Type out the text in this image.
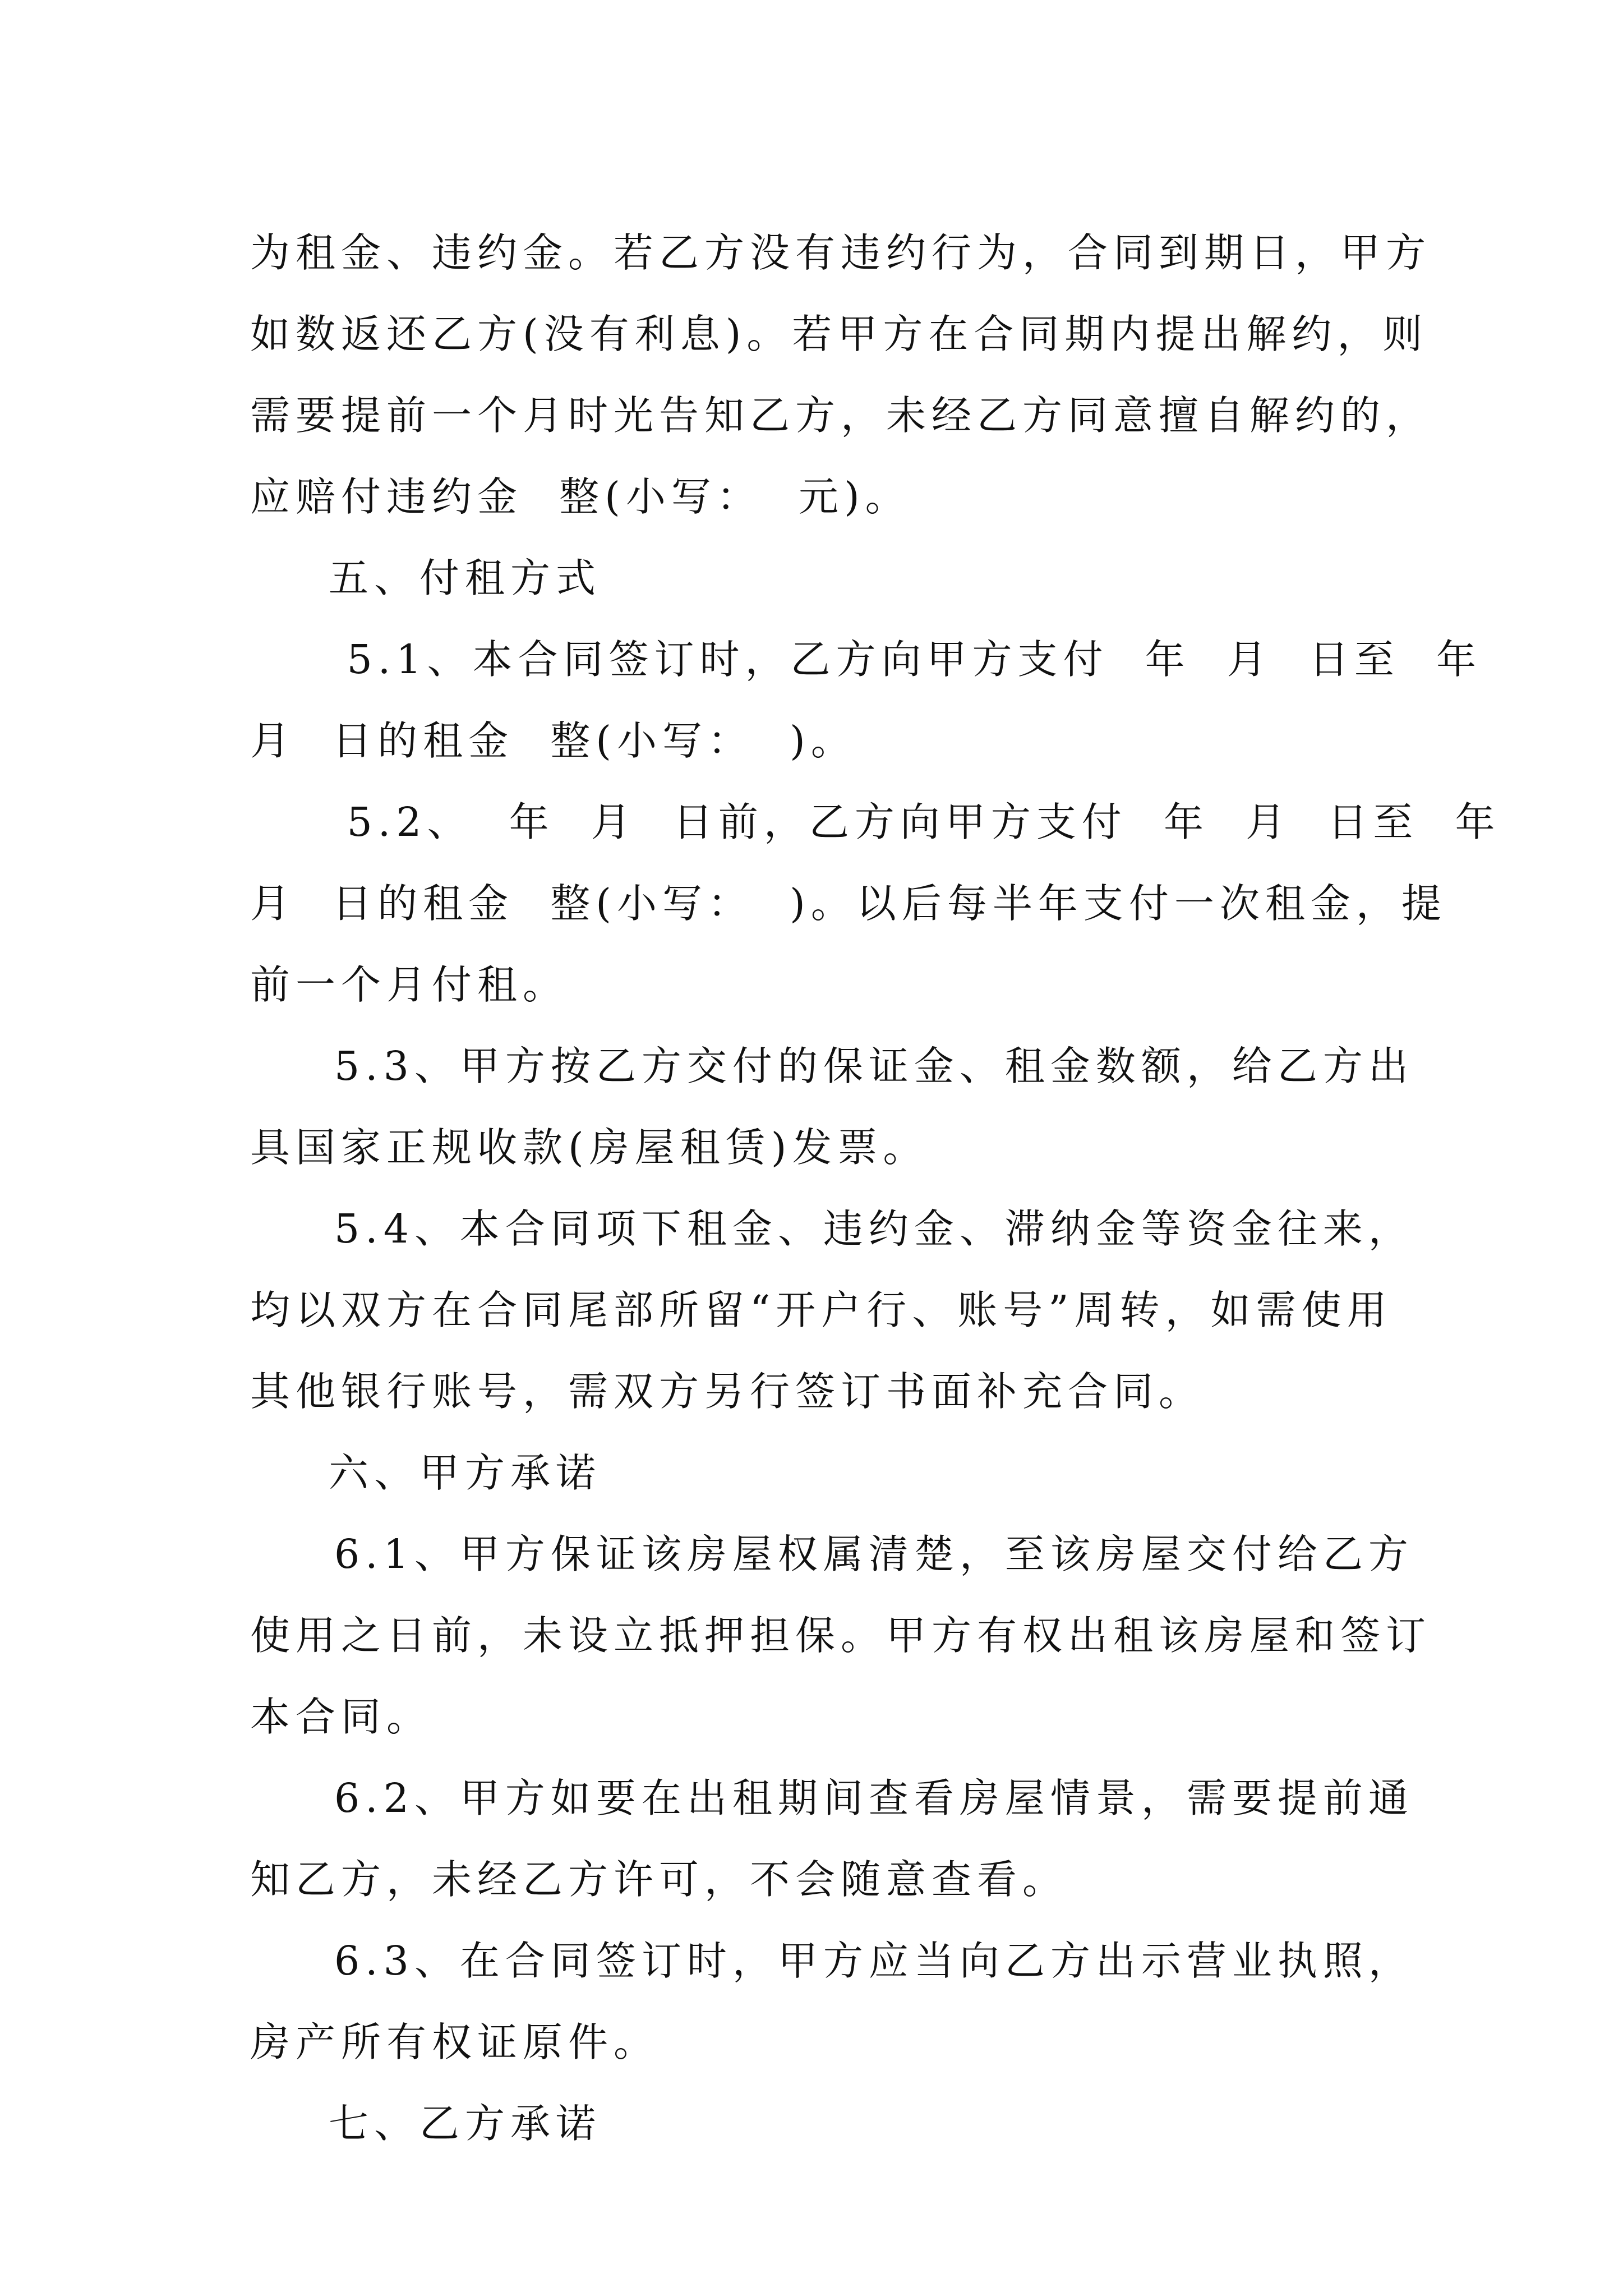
为租金、违约金。若乙方没有违约行为，合同到期日，甲方
如数返还乙方(没有利息)。若甲方在合同期内提出解约，则
需要提前一个月时光告知乙方，未经乙方同意擅自解约的，
应赔付违约金  整(小写：  元)。
五、付租方式
5.1、本合同签订时，乙方向甲方支付  年  月  日至  年
月  日的租金  整(小写：  )。
5.2、  年  月  日前，乙方向甲方支付  年  月  日至  年
月  日的租金  整(小写：  )。以后每半年支付一次租金，提
前一个月付租。
5.3、甲方按乙方交付的保证金、租金数额，给乙方出
具国家正规收款(房屋租赁)发票。
5.4、本合同项下租金、违约金、滞纳金等资金往来，
均以双方在合同尾部所留“开户行、账号”周转，如需使用
其他银行账号，需双方另行签订书面补充合同。
六、甲方承诺
6.1、甲方保证该房屋权属清楚，至该房屋交付给乙方
使用之日前，未设立抵押担保。甲方有权出租该房屋和签订
本合同。
6.2、甲方如要在出租期间查看房屋情景，需要提前通
知乙方，未经乙方许可，不会随意查看。
6.3、在合同签订时，甲方应当向乙方出示营业执照，
房产所有权证原件。
七、乙方承诺
